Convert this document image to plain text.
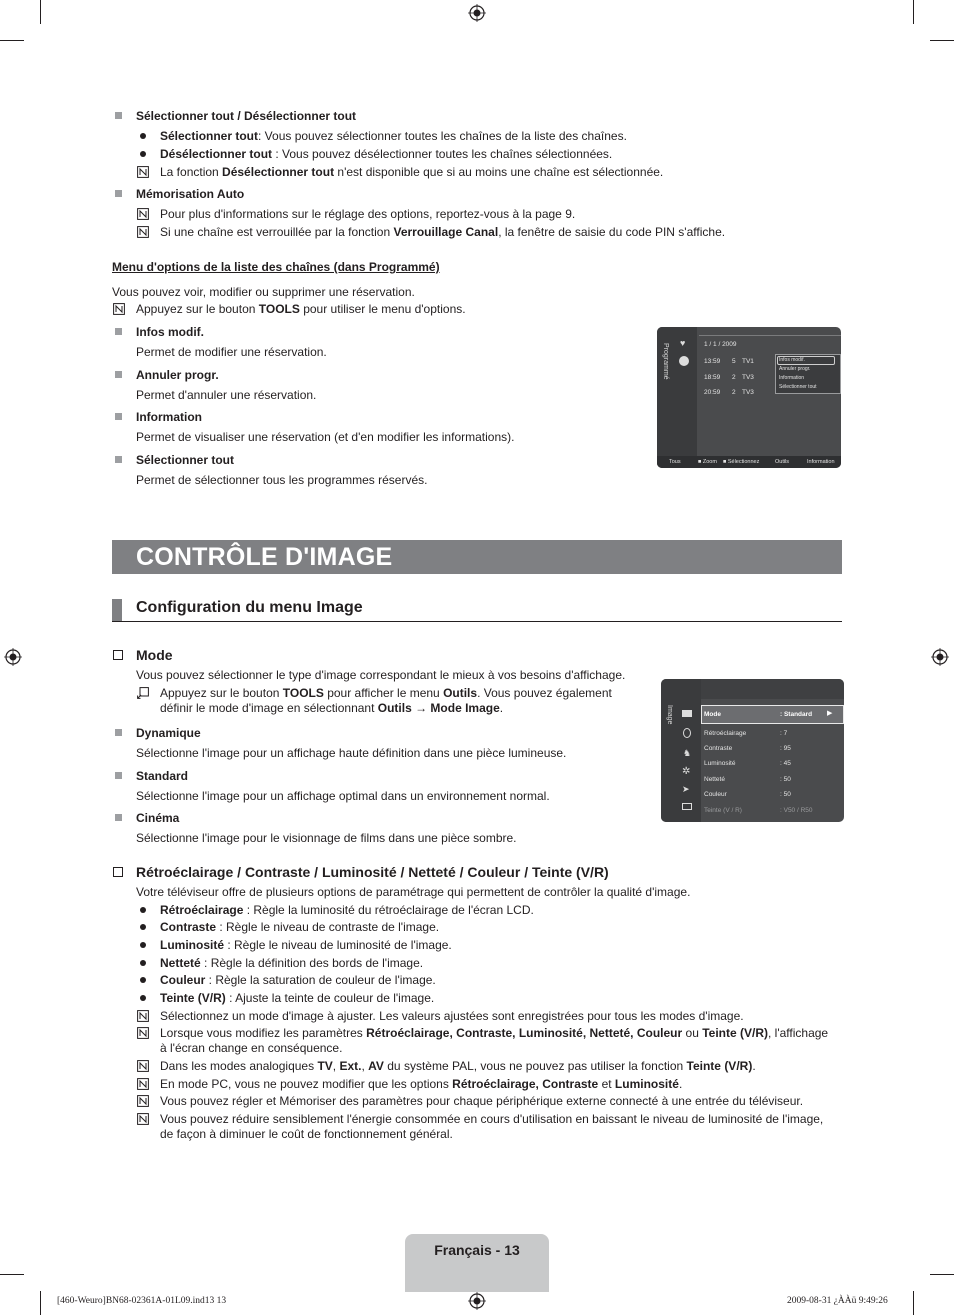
Sélectionner tout / Désélectionner tout
Sélectionner tout: Vous pouvez sélectionner toutes les chaînes de la liste des chaînes.
Désélectionner tout : Vous pouvez désélectionner toutes les chaînes sélectionnées.
La fonction Désélectionner tout n'est disponible que si au moins une chaîne est sélectionnée.
Mémorisation Auto
Pour plus d'informations sur le réglage des options, reportez-vous à la page 9.
Si une chaîne est verrouillée par la fonction Verrouillage Canal, la fenêtre de saisie du code PIN s'affiche.
Menu d'options de la liste des chaînes (dans Programmé)
Vous pouvez voir, modifier ou supprimer une réservation.
Appuyez sur le bouton TOOLS pour utiliser le menu d'options.
Infos modif.
Permet de modifier une réservation.
Annuler progr.
Permet d'annuler une réservation.
Information
Permet de visualiser une réservation (et d'en modifier les informations).
Sélectionner tout
Permet de sélectionner tous les programmes réservés.
Programmé ♥	1 / 1 / 2009
13:59 5 TV1
18:59 2 TV3
20:59 2 TV3
Infos modif.
Annuler progr.
Information
Sélectionner tout
Tous	■ Zoom ■ Sélectionnez	Outils	Information
CONTRÔLE D'IMAGE
Configuration du menu Image
Mode
Vous pouvez sélectionner le type d'image correspondant le mieux à vos besoins d'affichage.
Appuyez sur le bouton TOOLS pour afficher le menu Outils. Vous pouvez également
définir le mode d'image en sélectionnant Outils → Mode Image.
Dynamique
Sélectionne l'image pour un affichage haute définition dans une pièce lumineuse.
Standard
Sélectionne l'image pour un affichage optimal dans un environnement normal.
Cinéma
Sélectionne l'image pour le visionnage de films dans une pièce sombre.
Image
♞
✲
➤
Mode	: Standard ▶
Rétroéclairage	: 7
Contraste	: 95
Luminosité	: 45
Netteté	: 50
Couleur	: 50
Teinte (V / R)	: V50 / R50
Rétroéclairage / Contraste / Luminosité / Netteté / Couleur / Teinte (V/R)
Votre téléviseur offre de plusieurs options de paramétrage qui permettent de contrôler la qualité d'image.
Rétroéclairage : Règle la luminosité du rétroéclairage de l'écran LCD.
Contraste : Règle le niveau de contraste de l'image.
Luminosité : Règle le niveau de luminosité de l'image.
Netteté : Règle la définition des bords de l'image.
Couleur : Règle la saturation de couleur de l'image.
Teinte (V/R) : Ajuste la teinte de couleur de l'image.
Sélectionnez un mode d'image à ajuster. Les valeurs ajustées sont enregistrées pour tous les modes d'image.
Lorsque vous modifiez les paramètres Rétroéclairage, Contraste, Luminosité, Netteté, Couleur ou Teinte (V/R), l'affichage
à l'écran change en conséquence.
Dans les modes analogiques TV, Ext., AV du système PAL, vous ne pouvez pas utiliser la fonction Teinte (V/R).
En mode PC, vous ne pouvez modifier que les options Rétroéclairage, Contraste et Luminosité.
Vous pouvez régler et Mémoriser des paramètres pour chaque périphérique externe connecté à une entrée du téléviseur.
Vous pouvez réduire sensiblement l'énergie consommée en cours d'utilisation en baissant le niveau de luminosité de l'image,
de façon à diminuer le coût de fonctionnement général.
Français - 13
[460-Weuro]BN68-02361A-01L09.ind13 13	2009-08-31 ¿ÀÀü 9:49:26
